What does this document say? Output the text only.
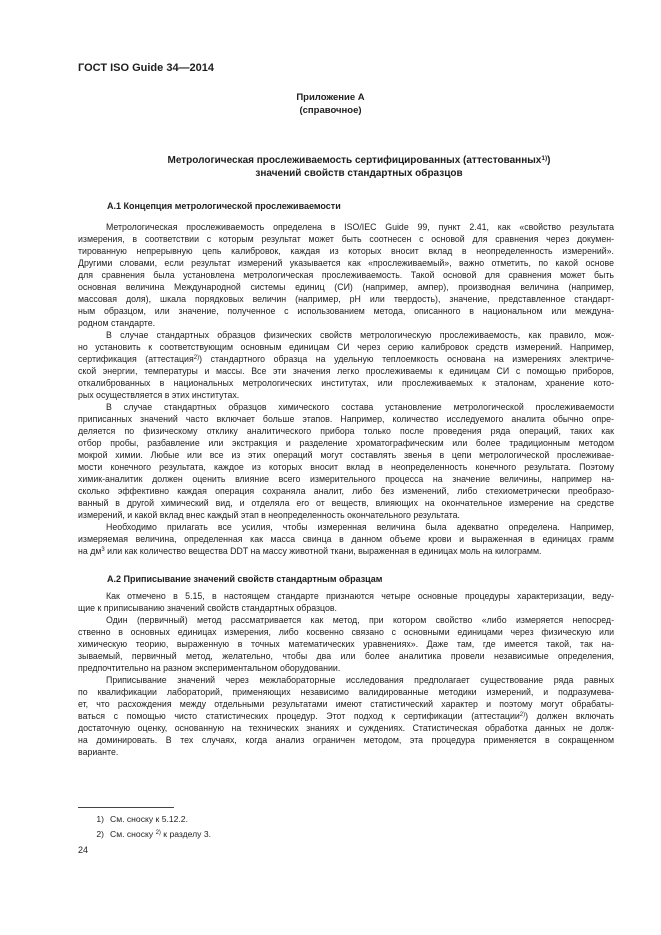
ГОСТ ISO Guide 34—2014
Приложение А
(справочное)
Метрологическая прослеживаемость сертифицированных (аттестованных$^{1)}$)
значений свойств стандартных образцов
А.1 Концепция метрологической прослеживаемости
Метрологическая прослеживаемость определена в ISO/IEC Guide 99, пункт 2.41, как «свойство результата
измерения, в соответствии с которым результат может быть соотнесен с основой для сравнения через докумен-
тированную непрерывную цепь калибровок, каждая из которых вносит вклад в неопределенность измерений».
Другими словами, если результат измерений указывается как «прослеживаемый», важно отметить, по какой основе
для сравнения была установлена метрологическая прослеживаемость. Такой основой для сравнения может быть
основная величина Международной системы единиц (СИ) (например, ампер), производная величина (например,
массовая доля), шкала порядковых величин (например, рН или твердость), значение, представленное стандарт-
ным образцом, или значение, полученное с использованием метода, описанного в национальном или междуна-
родном стандарте.
В случае стандартных образцов физических свойств метрологическую прослеживаемость, как правило, мож-
но установить к соответствующим основным единицам СИ через серию калибровок средств измерений. Например,
сертификация (аттестация$^{2)}$) стандартного образца на удельную теплоемкость основана на измерениях электриче-
ской энергии, температуры и массы. Все эти значения легко прослеживаемы к единицам СИ с помощью приборов,
откалиброванных в национальных метрологических институтах, или прослеживаемых к эталонам, хранение кото-
рых осуществляется в этих институтах.
В случае стандартных образцов химического состава установление метрологической прослеживаемости
приписанных значений часто включает больше этапов. Например, количество исследуемого аналита обычно опре-
деляется по физическому отклику аналитического прибора только после проведения ряда операций, таких как
отбор пробы, разбавление или экстракция и разделение хроматографическим или более традиционным методом
мокрой химии. Любые или все из этих операций могут составлять звенья в цепи метрологической прослеживае-
мости конечного результата, каждое из которых вносит вклад в неопределенность конечного результата. Поэтому
химик-аналитик должен оценить влияние всего измерительного процесса на значение величины, например на-
сколько эффективно каждая операция сохраняла аналит, либо без изменений, либо стехиометрически преобразо-
ванный в другой химический вид, и отделяла его от веществ, влияющих на окончательное измерение на средстве
измерений, и какой вклад внес каждый этап в неопределенность окончательного результата.
Необходимо прилагать все усилия, чтобы измеренная величина была адекватно определена. Например,
измеряемая величина, определенная как масса свинца в данном объеме крови и выраженная в единицах грамм
на $дм^3$ или как количество вещества DDT на массу животной ткани, выраженная в единицах моль на килограмм.
А.2 Приписывание значений свойств стандартным образцам
Как отмечено в 5.15, в настоящем стандарте признаются четыре основные процедуры характеризации, веду-
щие к приписыванию значений свойств стандартных образцов.
Один (первичный) метод рассматривается как метод, при котором свойство «либо измеряется непосред-
ственно в основных единицах измерения, либо косвенно связано с основными единицами через физическую или
химическую теорию, выраженную в точных математических уравнениях». Даже там, где имеется такой, так на-
зываемый, первичный метод, желательно, чтобы два или более аналитика провели независимые определения,
предпочтительно на разном экспериментальном оборудовании.
Приписывание значений через межлабораторные исследования предполагает существование ряда равных
по квалификации лабораторий, применяющих независимо валидированные методики измерений, и подразумева-
ет, что расхождения между отдельными результатами имеют статистический характер и поэтому могут обрабаты-
ваться с помощью чисто статистических процедур. Этот подход к сертификации (аттестации$^{2)}$) должен включать
достаточную оценку, основанную на технических знаниях и суждениях. Статистическая обработка данных не долж-
на доминировать. В тех случаях, когда анализ ограничен методом, эта процедура применяется в сокращенном
варианте.
1) См. сноску к 5.12.2.
2) См. сноску $^{2)}$ к разделу 3.
24
